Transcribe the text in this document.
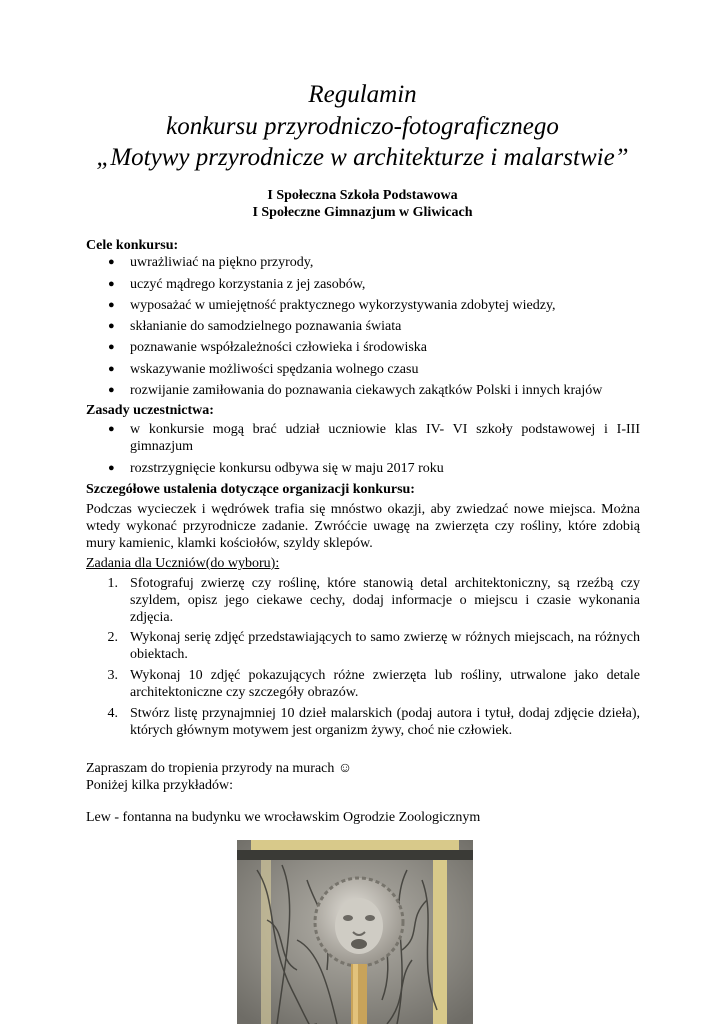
Regulamin
konkursu przyrodniczo-fotograficznego
„Motywy przyrodnicze w architekturze i malarstwie”
I Społeczna Szkoła Podstawowa
I Społeczne Gimnazjum w Gliwicach
Cele konkursu:
● uwrażliwiać na piękno przyrody,
● uczyć mądrego korzystania z jej zasobów,
● wyposażać w umiejętność praktycznego wykorzystywania zdobytej wiedzy,
● skłanianie do samodzielnego poznawania świata
● poznawanie współzależności człowieka i środowiska
● wskazywanie możliwości spędzania wolnego czasu
● rozwijanie zamiłowania do poznawania ciekawych zakątków Polski i innych krajów
Zasady uczestnictwa:
● w konkursie mogą brać udział uczniowie klas IV- VI szkoły podstawowej i I-III gimnazjum
● rozstrzygnięcie konkursu odbywa się w maju 2017 roku
Szczegółowe ustalenia dotyczące organizacji konkursu:
Podczas wycieczek i wędrówek trafia się mnóstwo okazji, aby zwiedzać nowe miejsca. Można wtedy wykonać przyrodnicze zadanie. Zwróćcie uwagę na zwierzęta czy rośliny, które zdobią mury kamienic, klamki kościołów, szyldy sklepów.
Zadania dla Uczniów(do wyboru):
1. Sfotografuj zwierzę czy roślinę, które stanowią detal architektoniczny, są rzeźbą czy szyldem, opisz jego ciekawe cechy, dodaj informacje o miejscu i czasie wykonania zdjęcia.
2. Wykonaj serię zdjęć przedstawiających to samo zwierzę w różnych miejscach, na różnych obiektach.
3. Wykonaj 10 zdjęć pokazujących różne zwierzęta lub rośliny, utrwalone jako detale architektoniczne czy szczegóły obrazów.
4. Stwórz listę przynajmniej 10 dzieł malarskich (podaj autora i tytuł, dodaj zdjęcie dzieła), których głównym motywem jest organizm żywy, choć nie człowiek.
Zapraszam do tropienia przyrody na murach ☺
Poniżej kilka przykładów:
Lew - fontanna na budynku we wrocławskim Ogrodzie Zoologicznym
